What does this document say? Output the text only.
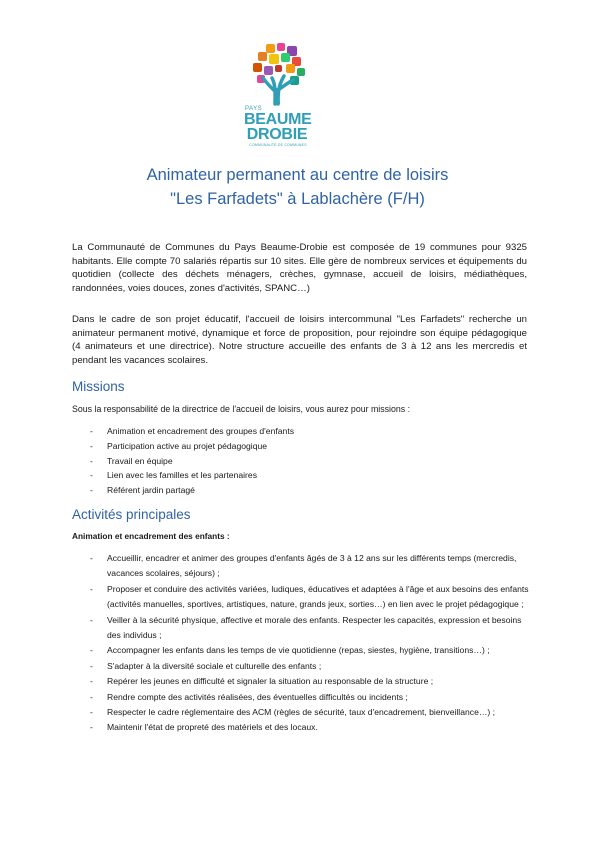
PAYS
BEAUME
DROBIE
COMMUNAUTÉ DE COMMUNES
Animateur permanent au centre de loisirs
"Les Farfadets" à Lablachère (F/H)

La Communauté de Communes du Pays Beaume-Drobie est composée de 19 communes pour 9325 habitants. Elle compte 70 salariés répartis sur 10 sites. Elle gère de nombreux services et équipements du quotidien (collecte des déchets ménagers, crèches, gymnase, accueil de loisirs, médiathèques, randonnées, voies douces, zones d'activités, SPANC…)

Dans le cadre de son projet éducatif, l'accueil de loisirs intercommunal "Les Farfadets" recherche un animateur permanent motivé, dynamique et force de proposition, pour rejoindre son équipe pédagogique (4 animateurs et une directrice). Notre structure accueille des enfants de 3 à 12 ans les mercredis et pendant les vacances scolaires.

Missions
Sous la responsabilité de la directrice de l'accueil de loisirs, vous aurez pour missions :
- Animation et encadrement des groupes d'enfants
- Participation active au projet pédagogique
- Travail en équipe
- Lien avec les familles et les partenaires
- Référent jardin partagé
Activités principales
Animation et encadrement des enfants :
- Accueillir, encadrer et animer des groupes d'enfants âgés de 3 à 12 ans sur les différents temps (mercredis, vacances scolaires, séjours) ;
- Proposer et conduire des activités variées, ludiques, éducatives et adaptées à l'âge et aux besoins des enfants (activités manuelles, sportives, artistiques, nature, grands jeux, sorties…) en lien avec le projet pédagogique ;
- Veiller à la sécurité physique, affective et morale des enfants. Respecter les capacités, expression et besoins des individus ;
- Accompagner les enfants dans les temps de vie quotidienne (repas, siestes, hygiène, transitions…) ;
- S'adapter à la diversité sociale et culturelle des enfants ;
- Repérer les jeunes en difficulté et signaler la situation au responsable de la structure ;
- Rendre compte des activités réalisées, des éventuelles difficultés ou incidents ;
- Respecter le cadre réglementaire des ACM (règles de sécurité, taux d'encadrement, bienveillance…) ;
- Maintenir l'état de propreté des matériels et des locaux.
